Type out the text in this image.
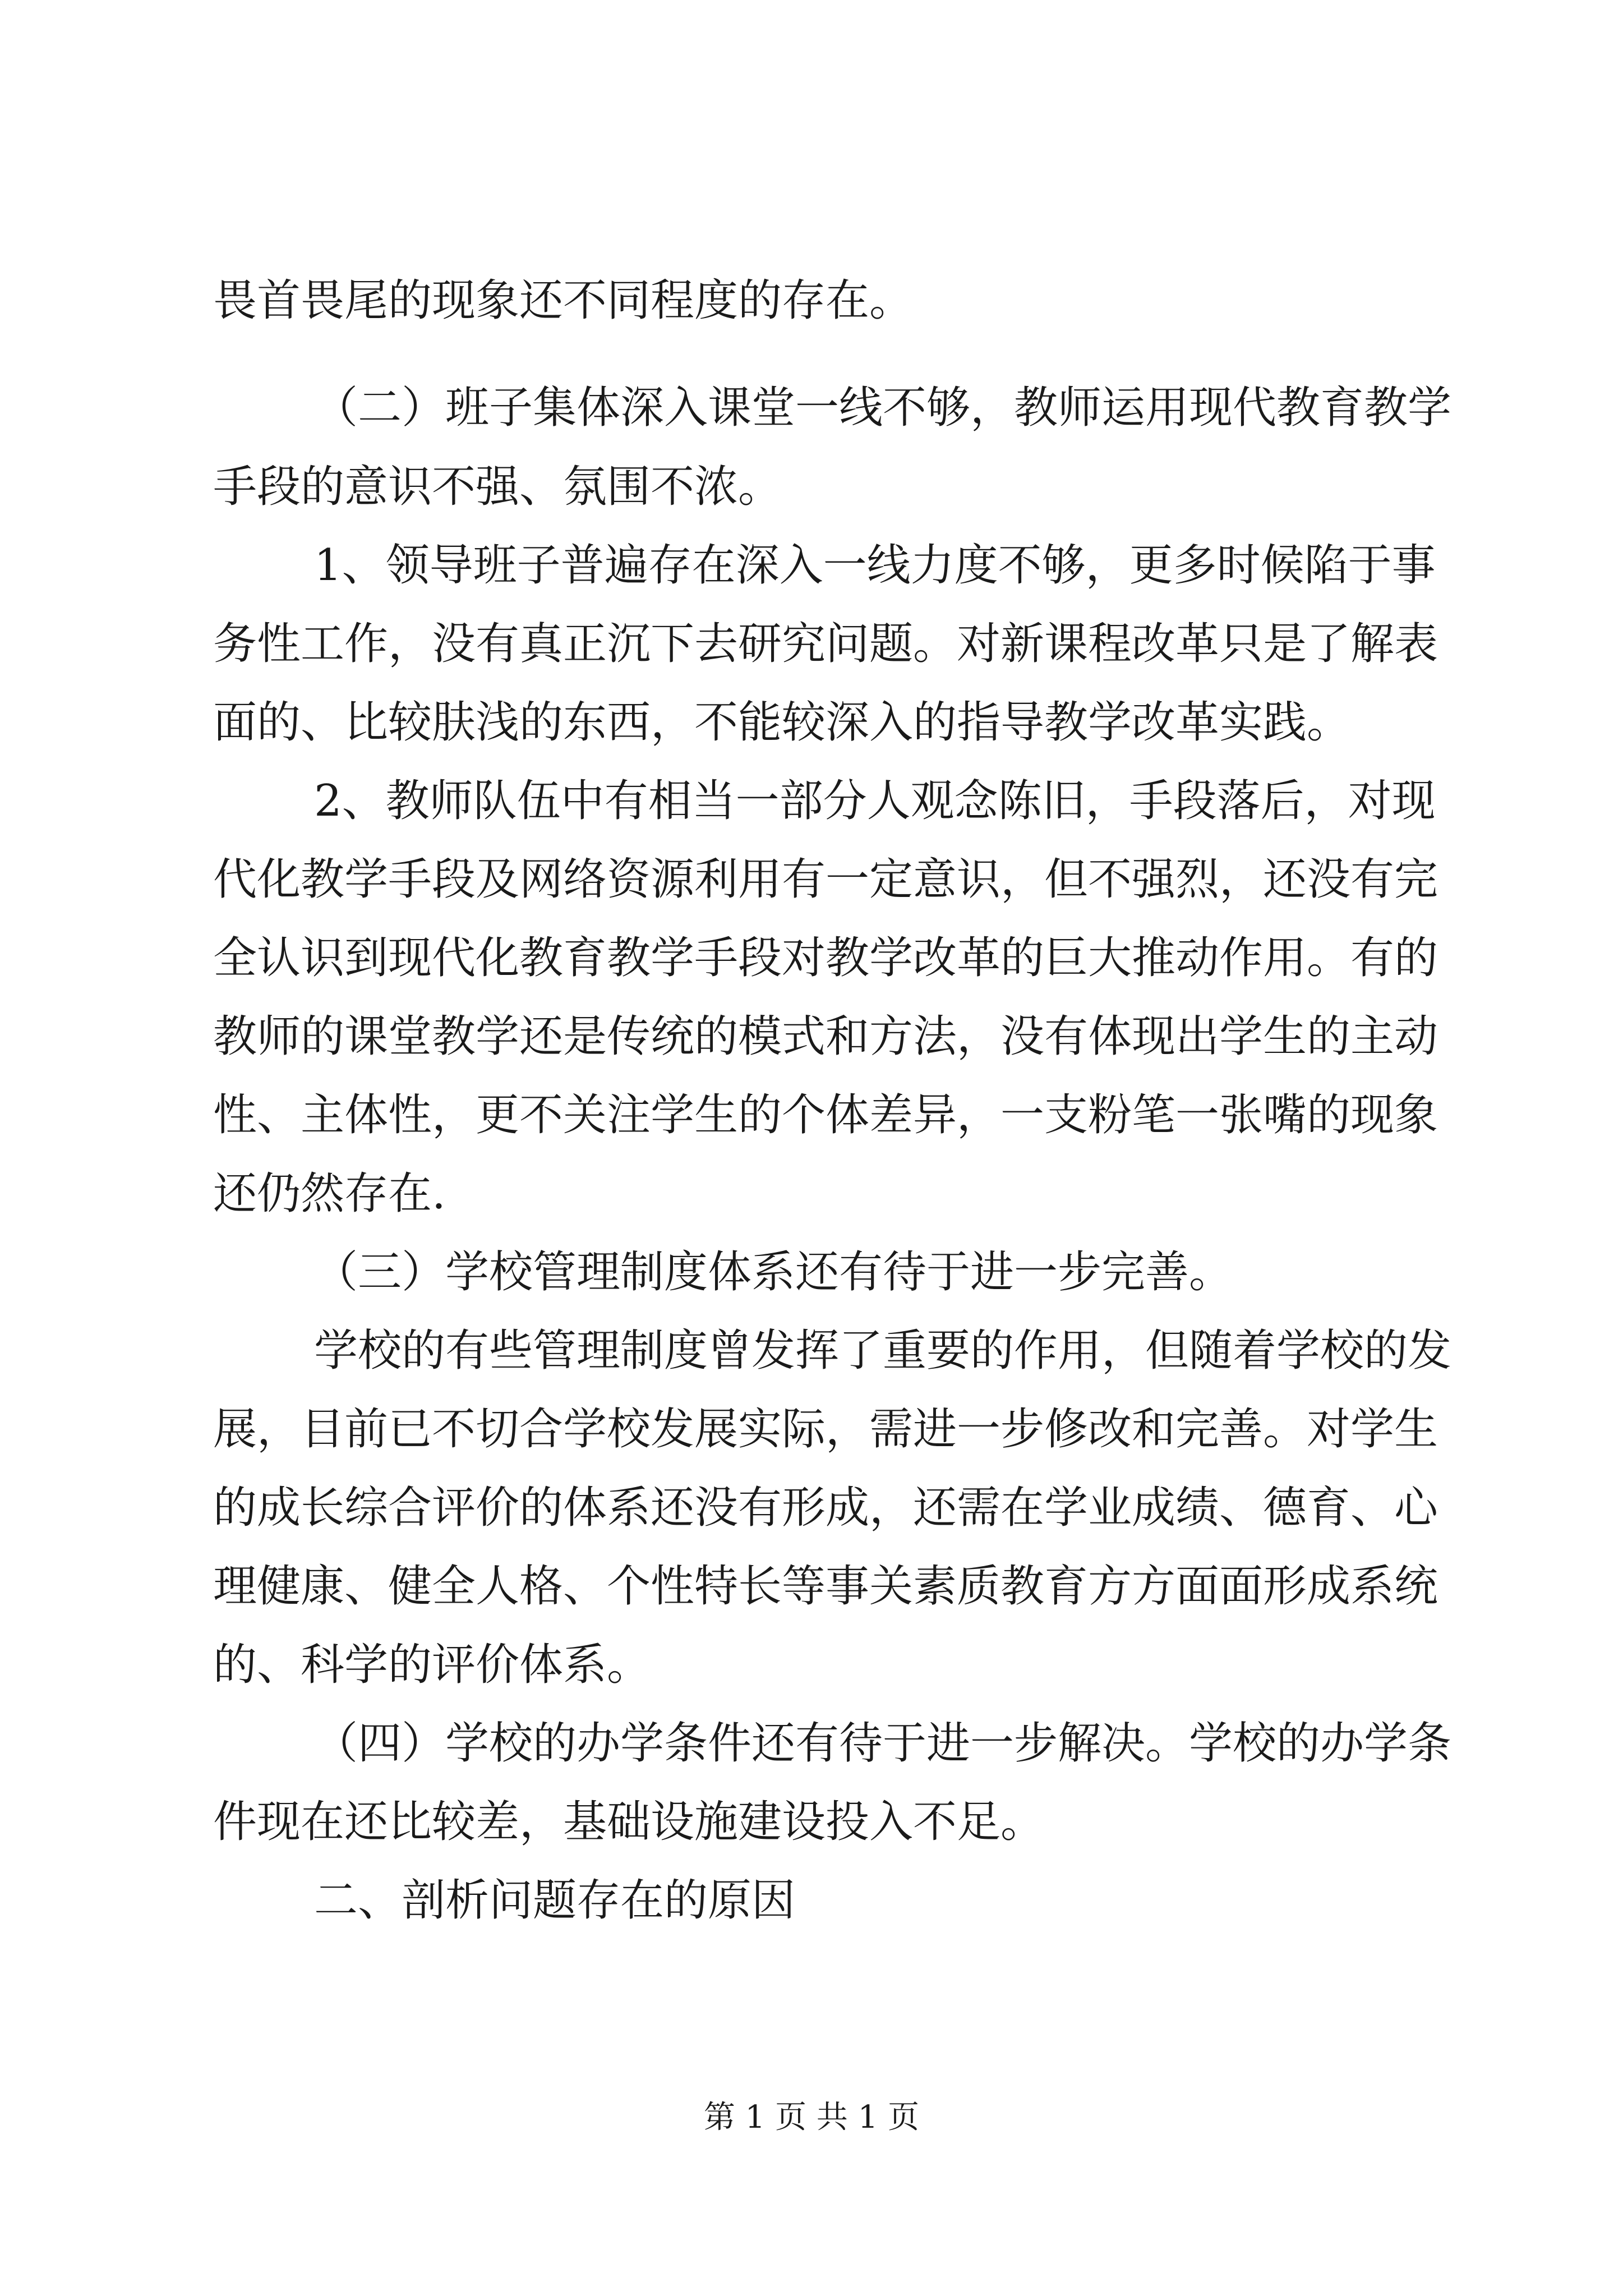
畏首畏尾的现象还不同程度的存在。
（二）班子集体深入课堂一线不够，教师运用现代教育教学
手段的意识不强、氛围不浓。
1、领导班子普遍存在深入一线力度不够，更多时候陷于事
务性工作，没有真正沉下去研究问题。对新课程改革只是了解表
面的、比较肤浅的东西，不能较深入的指导教学改革实践。
2、教师队伍中有相当一部分人观念陈旧，手段落后，对现
代化教学手段及网络资源利用有一定意识，但不强烈，还没有完
全认识到现代化教育教学手段对教学改革的巨大推动作用。有的
教师的课堂教学还是传统的模式和方法，没有体现出学生的主动
性、主体性，更不关注学生的个体差异，一支粉笔一张嘴的现象
还仍然存在.
（三）学校管理制度体系还有待于进一步完善。
学校的有些管理制度曾发挥了重要的作用，但随着学校的发
展，目前已不切合学校发展实际，需进一步修改和完善。对学生
的成长综合评价的体系还没有形成，还需在学业成绩、德育、心
理健康、健全人格、个性特长等事关素质教育方方面面形成系统
的、科学的评价体系。
（四）学校的办学条件还有待于进一步解决。学校的办学条
件现在还比较差，基础设施建设投入不足。
二、剖析问题存在的原因
第 1 页 共 1 页
